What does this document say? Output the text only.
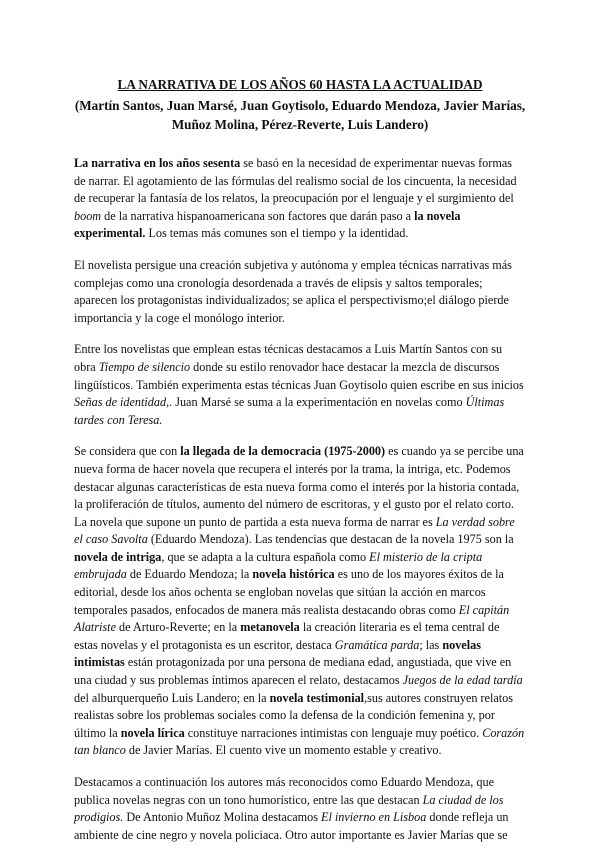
LA NARRATIVA DE LOS AÑOS 60 HASTA LA ACTUALIDAD
(Martín Santos, Juan Marsé, Juan Goytisolo, Eduardo Mendoza, Javier Marías, Muñoz Molina, Pérez-Reverte, Luis Landero)

La narrativa en los años sesenta se basó en la necesidad de experimentar nuevas formas de narrar. El agotamiento de las fórmulas del realismo social de los cincuenta, la necesidad de recuperar la fantasía de los relatos, la preocupación por el lenguaje y el surgimiento del boom de la narrativa hispanoamericana son factores que darán paso a la novela experimental. Los temas más comunes son el tiempo y la identidad.

El novelista persigue una creación subjetiva y autónoma y emplea técnicas narrativas más complejas como una cronología desordenada a través de elipsis y saltos temporales; aparecen los protagonistas individualizados; se aplica el perspectivismo;el diálogo pierde importancia y la coge el monólogo interior.

Entre los novelistas que emplean estas técnicas destacamos a Luis Martín Santos con su obra Tiempo de silencio donde su estilo renovador hace destacar la mezcla de discursos lingüísticos. También experimenta estas técnicas Juan Goytisolo quien escribe en sus inicios Señas de identidad,. Juan Marsé se suma a la experimentación en novelas como Últimas tardes con Teresa.

Se considera que con la llegada de la democracia (1975-2000) es cuando ya se percibe una nueva forma de hacer novela que recupera el interés por la trama, la intriga, etc. Podemos destacar algunas características de esta nueva forma como el interés por la historia contada, la proliferación de títulos, aumento del número de escritoras, y el gusto por el relato corto. La novela que supone un punto de partida a esta nueva forma de narrar es La verdad sobre el caso Savolta (Eduardo Mendoza). Las tendencias que destacan de la novela 1975 son la novela de intriga, que se adapta a la cultura española como El misterio de la cripta embrujada de Eduardo Mendoza; la novela histórica es uno de los mayores éxitos de la editorial, desde los años ochenta se engloban novelas que sitúan la acción en marcos temporales pasados, enfocados de manera más realista destacando obras como El capitán Alatriste de Arturo-Reverte; en la metanovela la creación literaria es el tema central de estas novelas y el protagonista es un escritor, destaca Gramática parda; las novelas intimistas están protagonizada por una persona de mediana edad, angustiada, que vive en una ciudad y sus problemas íntimos aparecen el relato, destacamos Juegos de la edad tardía del alburquerqueño Luis Landero; en la novela testimonial,sus autores construyen relatos realistas sobre los problemas sociales como la defensa de la condición femenina y, por último la novela lírica constituye narraciones intimistas con lenguaje muy poético. Corazón tan blanco de Javier Marías. El cuento vive un momento estable y creativo.

Destacamos a continuación los autores más reconocidos como Eduardo Mendoza, que publica novelas negras con un tono humorístico, entre las que destacan La ciudad de los prodigios. De Antonio Muñoz Molina destacamos El invierno en Lisboa donde refleja un ambiente de cine negro y novela policiaca. Otro autor importante es Javier Marías que se
